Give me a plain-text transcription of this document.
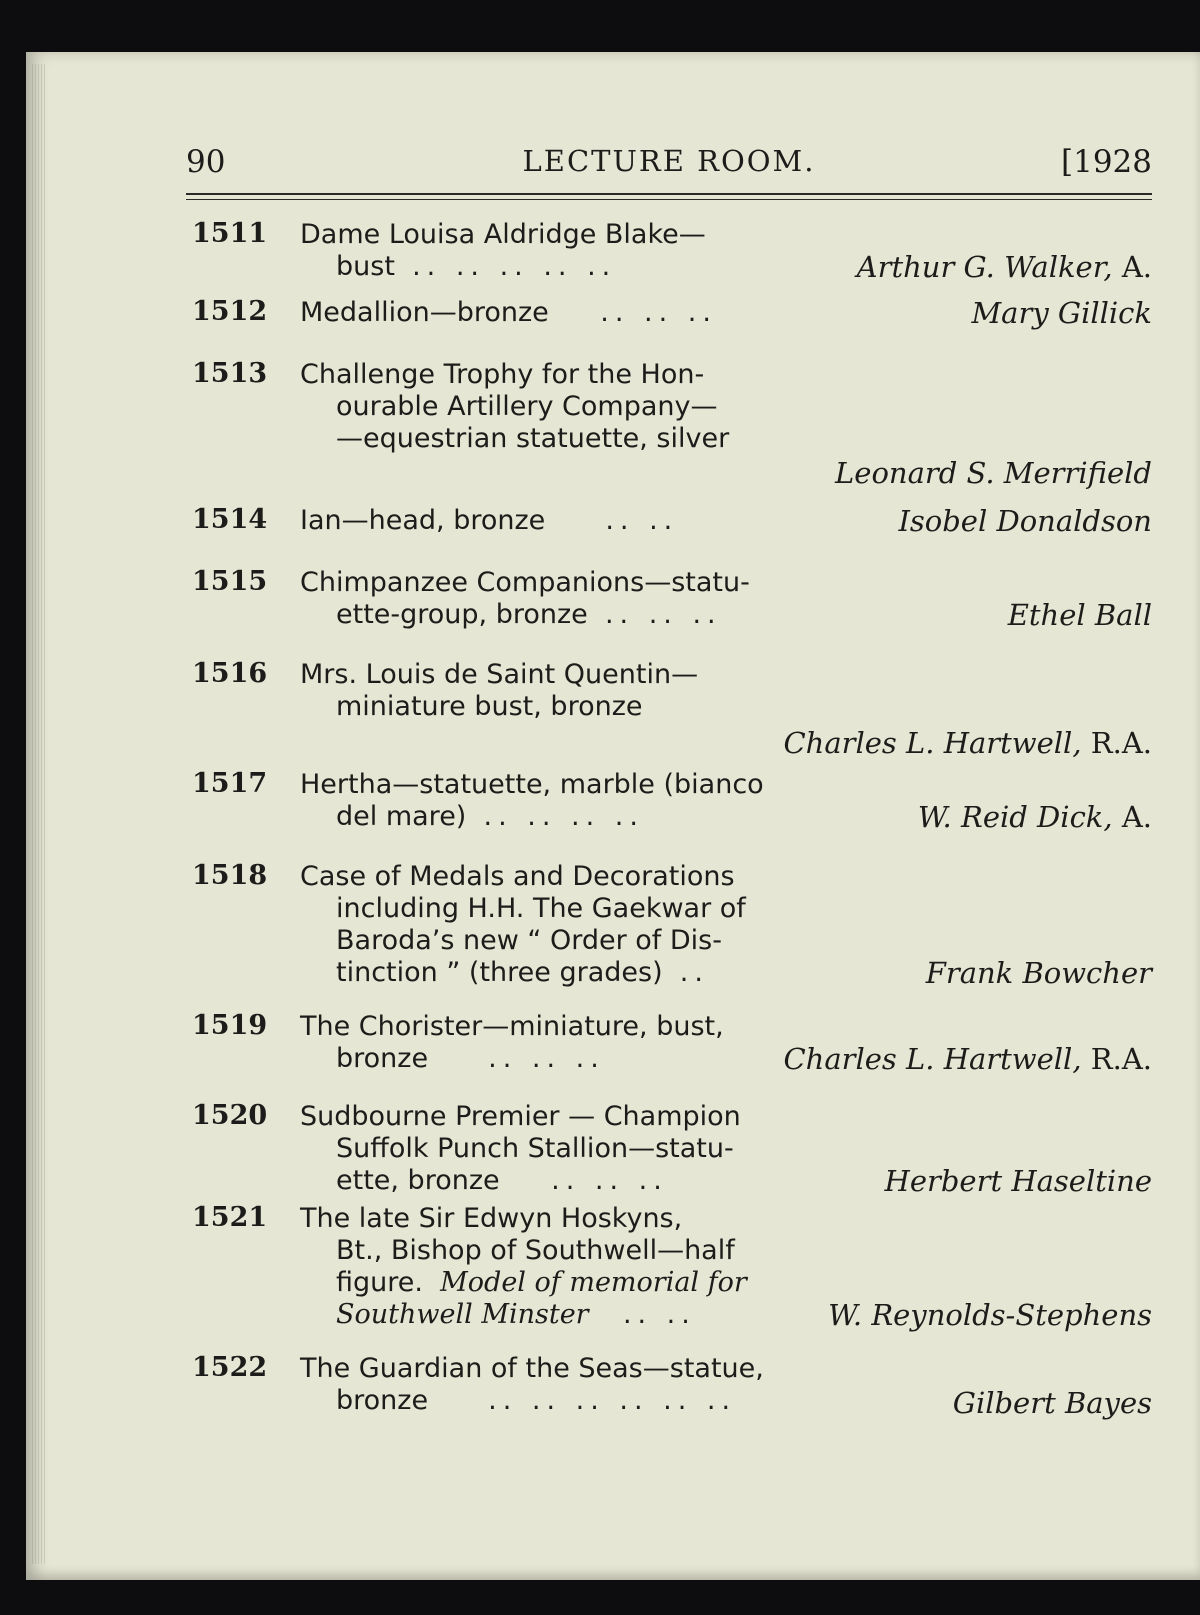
90	LECTURE ROOM.	[1928
1511 Dame Louisa Aldridge Blake—
bust .. .. .. .. ..	Arthur G. Walker, A.
1512 Medallion—bronze .. .. ..	Mary Gillick
1513 Challenge Trophy for the Hon-
ourable Artillery Company—
—equestrian statuette, silver
Leonard S. Merrifield
1514 Ian—head, bronze .. ..	Isobel Donaldson
1515 Chimpanzee Companions—statu-
ette-group, bronze .. .. ..	Ethel Ball
1516 Mrs. Louis de Saint Quentin—
miniature bust, bronze
Charles L. Hartwell, R.A.
1517 Hertha—statuette, marble (bianco
del mare) .. .. .. ..	W. Reid Dick, A.
1518 Case of Medals and Decorations
including H.H. The Gaekwar of
Baroda’s new “ Order of Dis-
tinction ” (three grades) ..	Frank Bowcher
1519 The Chorister—miniature, bust,
bronze .. .. ..	Charles L. Hartwell, R.A.
1520 Sudbourne Premier — Champion
Suffolk Punch Stallion—statu-
ette, bronze .. .. ..	Herbert Haseltine
1521 The late Sir Edwyn Hoskyns,
Bt., Bishop of Southwell—half
figure. Model of memorial for
Southwell Minster .. ..	W. Reynolds-Stephens
1522 The Guardian of the Seas—statue,
bronze .. .. .. .. .. ..	Gilbert Bayes
